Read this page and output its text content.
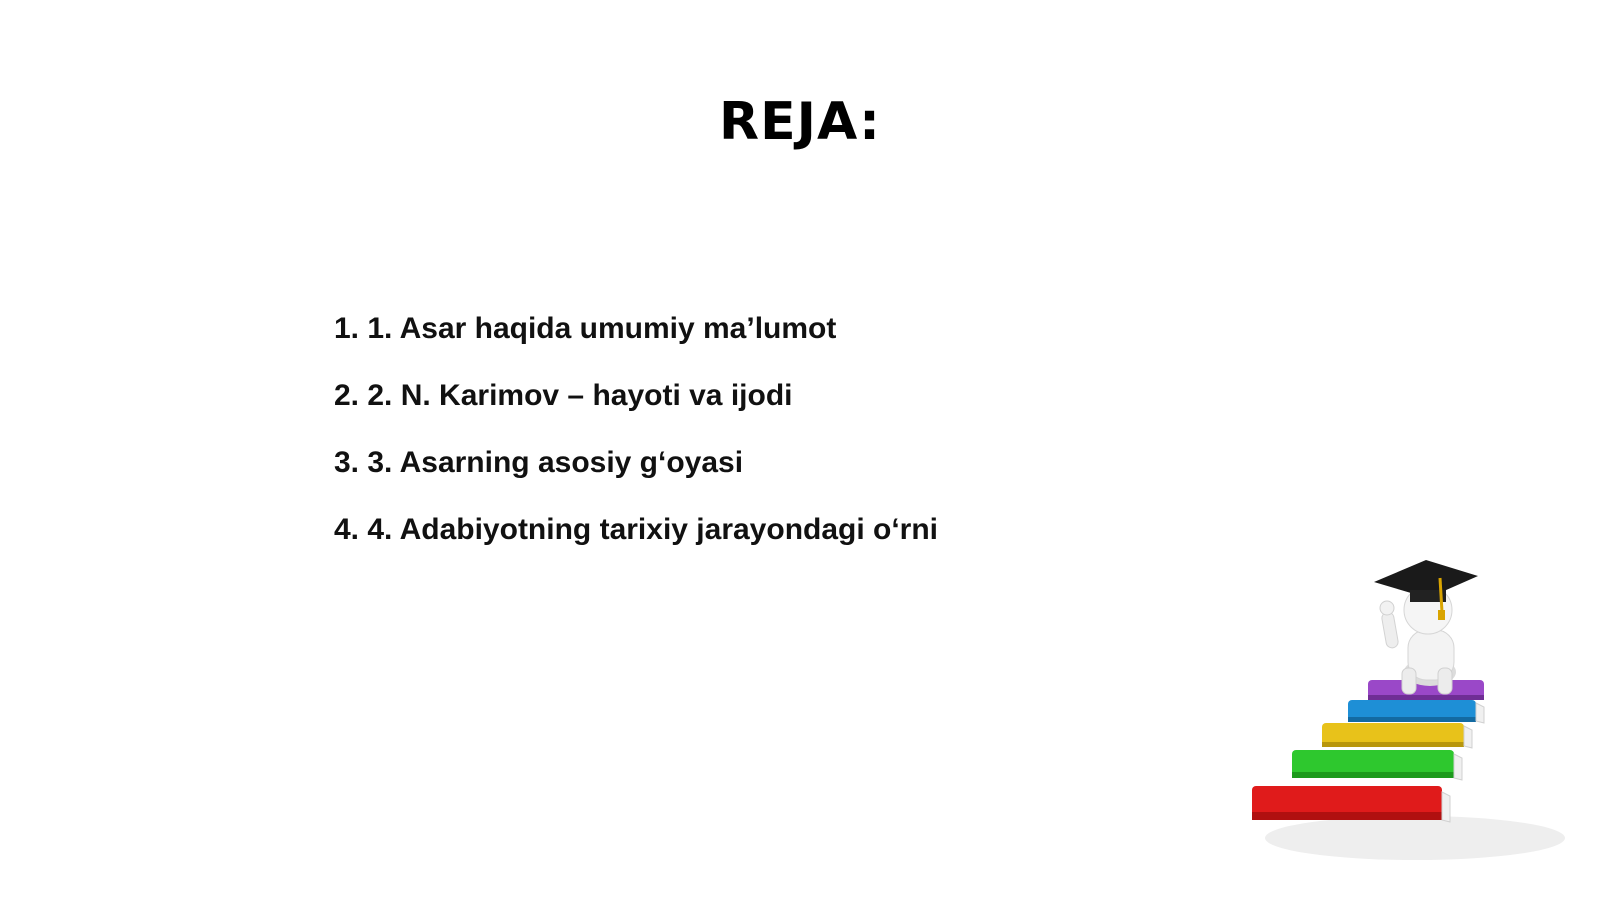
REJA:
1. 1. Asar haqida umumiy ma’lumot
2. 2. N. Karimov – hayoti va ijodi
3. 3. Asarning asosiy g‘oyasi
4. 4. Adabiyotning tarixiy jarayondagi o‘rni
